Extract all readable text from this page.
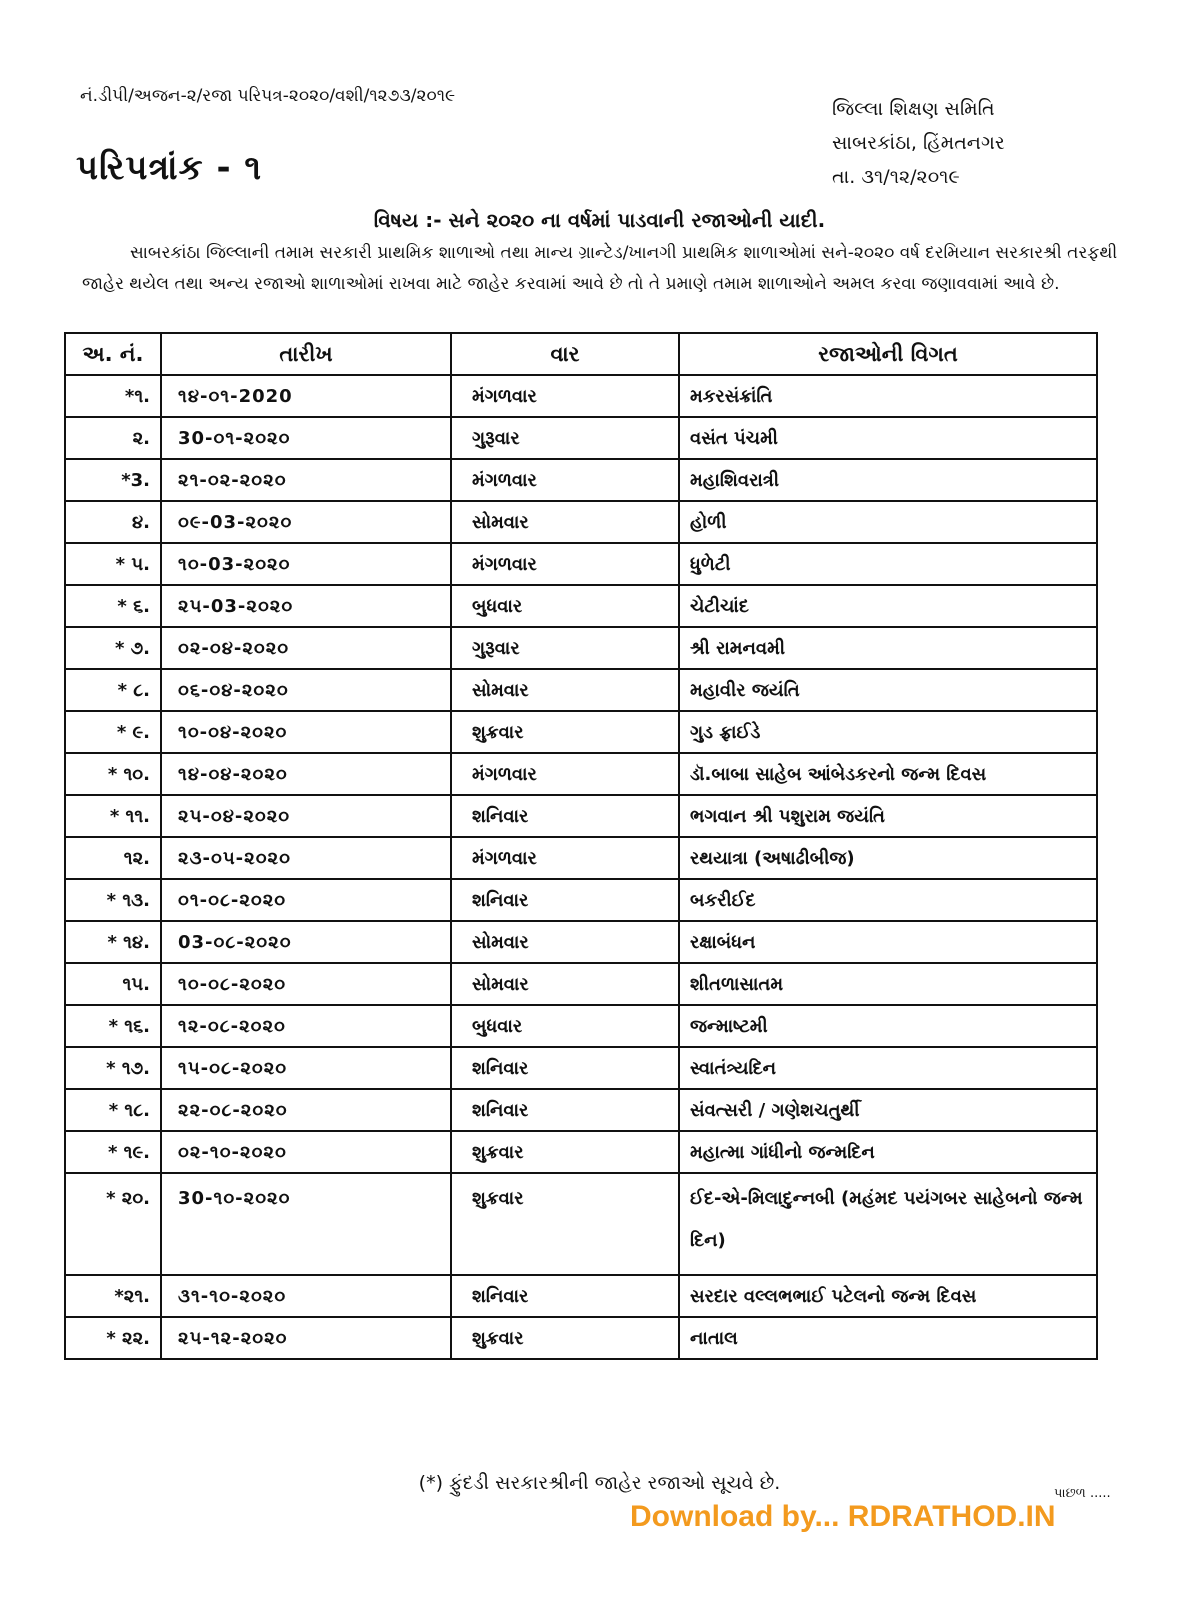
નં.ડીપી/અજન-૨/રજા પરિપત્ર-૨૦૨૦/વશી/૧૨૭૩/૨૦૧૯
જિલ્લા શિક્ષણ સમિતિ
સાબરકાંઠા, હિંમતનગર
તા. ૩૧/૧૨/૨૦૧૯
પરિપત્રાંક - ૧
વિષય :- સને ૨૦૨૦ ના વર્ષમાં પાડવાની રજાઓની યાદી.
સાબરકાંઠા જિલ્લાની તમામ સરકારી પ્રાથમિક શાળાઓ તથા માન્ય ગ્રાન્ટેડ/ખાનગી પ્રાથમિક શાળાઓમાં સને-૨૦૨૦ વર્ષ દરમિયાન સરકારશ્રી તરફથી જાહેર થયેલ તથા અન્ય રજાઓ શાળાઓમાં રાખવા માટે જાહેર કરવામાં આવે છે તો તે પ્રમાણે તમામ શાળાઓને અમલ કરવા જણાવવામાં આવે છે.
અ. નં.	તારીખ	વાર	રજાઓની વિગત
*૧.	૧૪-૦૧-2020	મંગળવાર	મકરસંક્રાંતિ
૨.	30-૦૧-૨૦૨૦	ગુરૂવાર	વસંત પંચમી
*3.	૨૧-૦૨-૨૦૨૦	મંગળવાર	મહાશિવરાત્રી
૪.	૦૯-03-૨૦૨૦	સોમવાર	હોળી
* ૫.	૧૦-03-૨૦૨૦	મંગળવાર	ધુળેટી
* ૬.	૨૫-03-૨૦૨૦	બુધવાર	ચેટીચાંદ
* ૭.	૦૨-૦૪-૨૦૨૦	ગુરૂવાર	શ્રી રામનવમી
* ૮.	૦૬-૦૪-૨૦૨૦	સોમવાર	મહાવીર જયંતિ
* ૯.	૧૦-૦૪-૨૦૨૦	શુક્રવાર	ગુડ ફ્રાઈડે
* ૧૦.	૧૪-૦૪-૨૦૨૦	મંગળવાર	ડૉ.બાબા સાહેબ આંબેડકરનો જન્મ દિવસ
* ૧૧.	૨૫-૦૪-૨૦૨૦	શનિવાર	ભગવાન શ્રી પશુરામ જયંતિ
૧૨.	૨૩-૦૫-૨૦૨૦	મંગળવાર	રથયાત્રા (અષાઢીબીજ)
* ૧૩.	૦૧-૦૮-૨૦૨૦	શનિવાર	બકરીઈદ
* ૧૪.	03-૦૮-૨૦૨૦	સોમવાર	રક્ષાબંધન
૧૫.	૧૦-૦૮-૨૦૨૦	સોમવાર	શીતળાસાતમ
* ૧૬.	૧૨-૦૮-૨૦૨૦	બુધવાર	જન્માષ્ટમી
* ૧૭.	૧૫-૦૮-૨૦૨૦	શનિવાર	સ્વાતંત્ર્યદિન
* ૧૮.	૨૨-૦૮-૨૦૨૦	શનિવાર	સંવત્સરી / ગણેશચતુર્થી
* ૧૯.	૦૨-૧૦-૨૦૨૦	શુક્રવાર	મહાત્મા ગાંધીનો જન્મદિન
* ૨૦.	30-૧૦-૨૦૨૦	શુક્રવાર	ઈદ-એ-મિલાદુન્નબી (મહંમદ પયંગબર સાહેબનો જન્મ દિન)
*૨૧.	૩૧-૧૦-૨૦૨૦	શનિવાર	સરદાર વલ્લભભાઈ પટેલનો જન્મ દિવસ
* ૨૨.	૨૫-૧૨-૨૦૨૦	શુક્રવાર	નાતાલ
(*) ફુંદડી સરકારશ્રીની જાહેર રજાઓ સૂચવે છે.	પાછળ .....
Download by... RDRATHOD.IN
